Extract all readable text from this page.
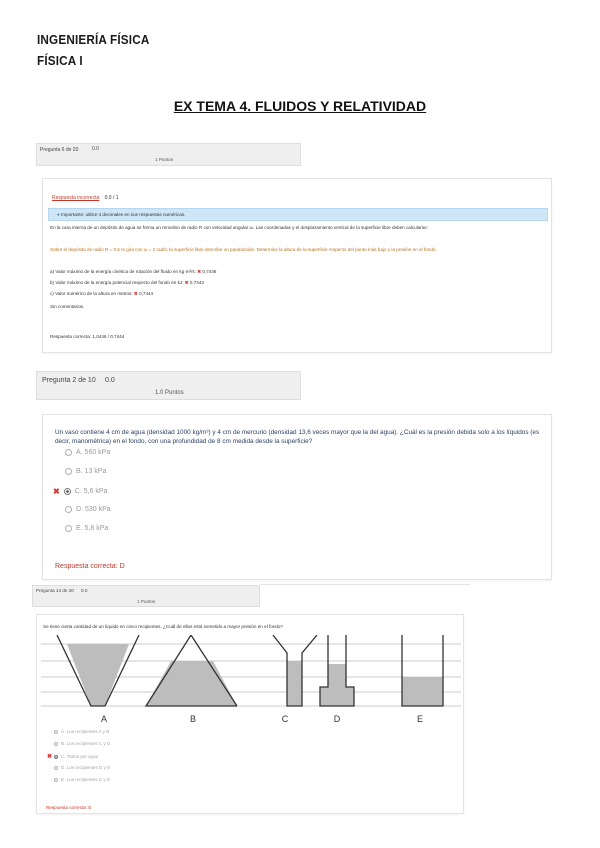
INGENIERÍA FÍSICA
FÍSICA I
EX TEMA 4. FLUIDOS Y RELATIVIDAD
Pregunta 6 de 20	0.0
1 Puntos
Respuesta incorrecta 0.0 / 1
● Importante: utilice 4 decimales en sus respuestas numéricas.
En la cara interna de un depósito de agua se forma un remolino de radio R con velocidad angular ω. Las coordenadas y el desplazamiento vertical de la superficie libre deben calcularse:
Sobre el depósito de radio R = 0.5 m gira con ω = 2 rad/s; la superficie libre describe un paraboloide. Determine la altura de la superficie respecto del punto más bajo y la presión en el fondo.
a) Valor máximo de la energía cinética de rotación del fluido en kg·m²/s: ✖ 0,7446
b) Valor máximo de la energía potencial respecto del fondo en kJ: ✖ 0,7444
c) Valor numérico de la altura en metros: ✖ 0,7444
Sin comentarios.
Respuesta correcta: 1,0446 / 0,7444
Pregunta 2 de 10 0.0
1.0 Puntos
Un vaso contiene 4 cm de agua (densidad 1000 kg/m³) y 4 cm de mercurio (densidad 13,6 veces mayor que la del agua). ¿Cuál es la presión debida solo a los líquidos (es decir, manométrica) en el fondo, con una profundidad de 8 cm medida desde la superficie?
A. 560 kPa
B. 13 kPa
✖ C. 5,6 kPa
D. 530 kPa
E. 5,8 kPa
Respuesta correcta: D
Pregunta 14 de 20 0.0
1 Puntos
Se tiene cierta cantidad de un líquido en cinco recipientes. ¿Cuál de ellos está sometido a mayor presión en el fondo?
A	B	C	D	E
A. Los recipientes A y B
B. Los recipientes C y D
✖ C. Todos por igual
D. Los recipientes D y E
E. Los recipientes C y E
Respuesta correcta: E
